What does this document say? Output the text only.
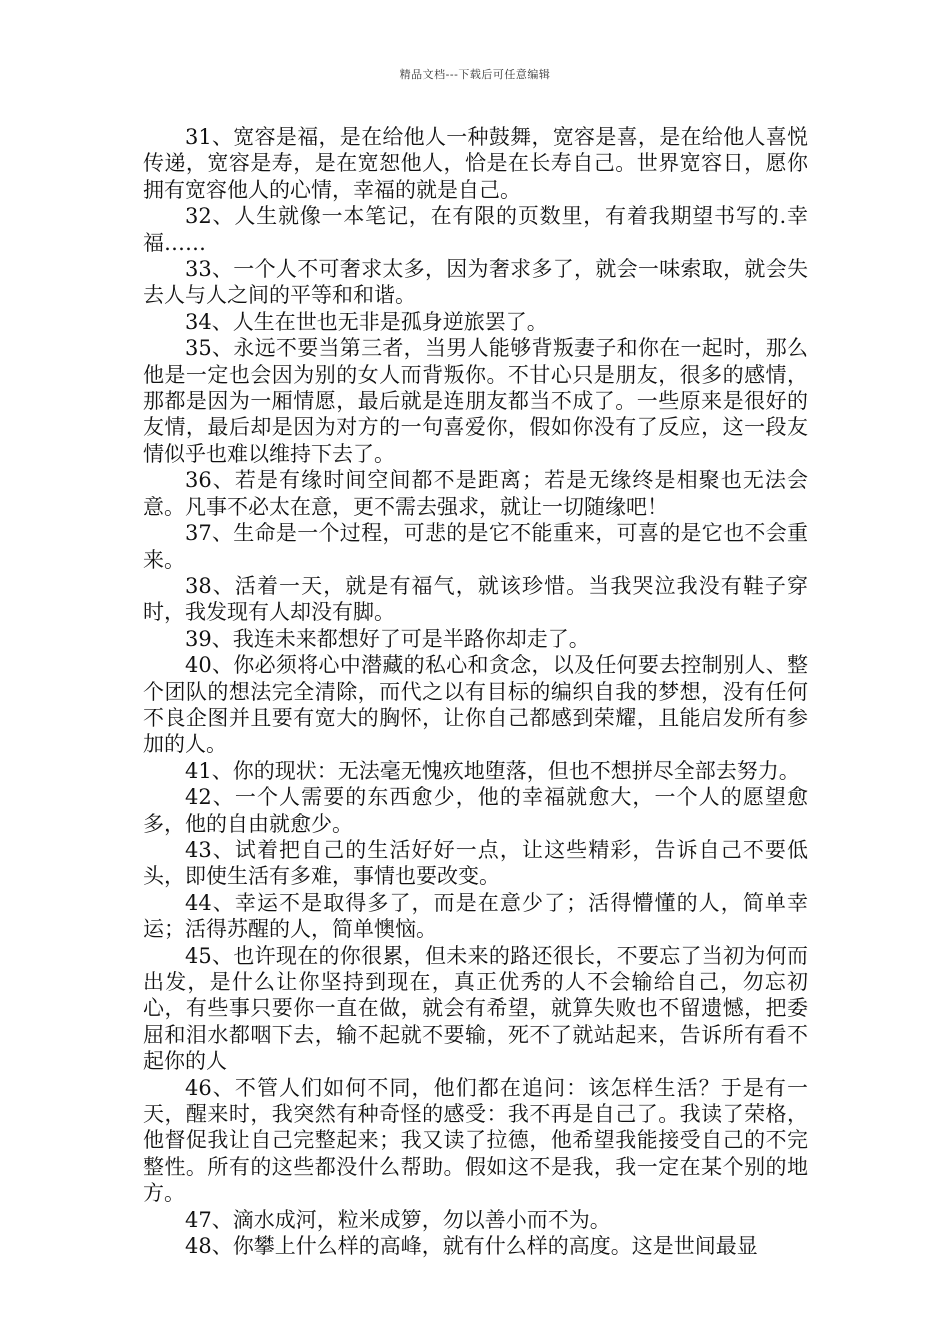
精品文档---下载后可任意编辑

31、宽容是福，是在给他人一种鼓舞，宽容是喜，是在给他人喜悦传递，宽容是寿，是在宽恕他人，恰是在长寿自己。世界宽容日，愿你拥有宽容他人的心情，幸福的就是自己。

32、人生就像一本笔记，在有限的页数里，有着我期望书写的.幸福……

33、一个人不可奢求太多，因为奢求多了，就会一味索取，就会失去人与人之间的平等和和谐。

34、人生在世也无非是孤身逆旅罢了。

35、永远不要当第三者，当男人能够背叛妻子和你在一起时，那么他是一定也会因为别的女人而背叛你。不甘心只是朋友，很多的感情，那都是因为一厢情愿，最后就是连朋友都当不成了。一些原来是很好的友情，最后却是因为对方的一句喜爱你，假如你没有了反应，这一段友情似乎也难以维持下去了。

36、若是有缘时间空间都不是距离；若是无缘终是相聚也无法会意。凡事不必太在意，更不需去强求，就让一切随缘吧！

37、生命是一个过程，可悲的是它不能重来，可喜的是它也不会重来。

38、活着一天，就是有福气，就该珍惜。当我哭泣我没有鞋子穿时，我发现有人却没有脚。

39、我连未来都想好了可是半路你却走了。

40、你必须将心中潜藏的私心和贪念，以及任何要去控制别人、整个团队的想法完全清除，而代之以有目标的编织自我的梦想，没有任何不良企图并且要有宽大的胸怀，让你自己都感到荣耀，且能启发所有参加的人。

41、你的现状：无法毫无愧疚地堕落，但也不想拼尽全部去努力。

42、一个人需要的东西愈少，他的幸福就愈大，一个人的愿望愈多，他的自由就愈少。

43、试着把自己的生活好好一点，让这些精彩，告诉自己不要低头，即使生活有多难，事情也要改变。

44、幸运不是取得多了，而是在意少了；活得懵懂的人，简单幸运；活得苏醒的人，简单懊恼。

45、也许现在的你很累，但未来的路还很长，不要忘了当初为何而出发，是什么让你坚持到现在，真正优秀的人不会输给自己，勿忘初心，有些事只要你一直在做，就会有希望，就算失败也不留遗憾，把委屈和泪水都咽下去，输不起就不要输，死不了就站起来，告诉所有看不起你的人

46、不管人们如何不同，他们都在追问：该怎样生活？于是有一天，醒来时，我突然有种奇怪的感受：我不再是自己了。我读了荣格，他督促我让自己完整起来；我又读了拉德，他希望我能接受自己的不完整性。所有的这些都没什么帮助。假如这不是我，我一定在某个别的地方。

47、滴水成河，粒米成箩，勿以善小而不为。

48、你攀上什么样的高峰，就有什么样的高度。这是世间最显
